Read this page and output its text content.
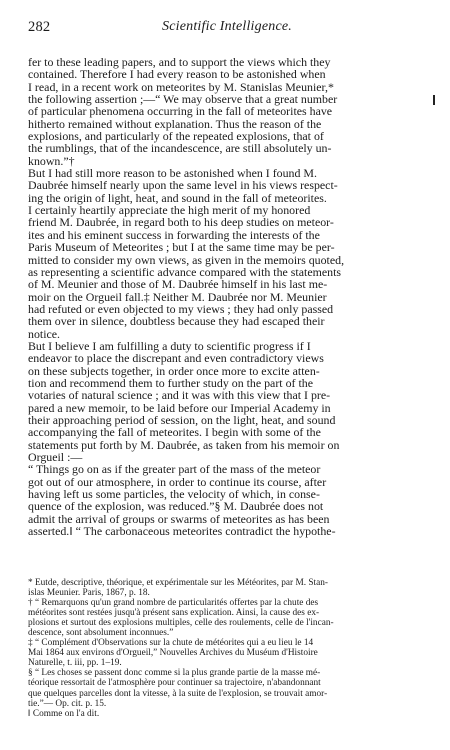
282	Scientific Intelligence.
fer to these leading papers, and to support the views which they
contained. Therefore I had every reason to be astonished when
I read, in a recent work on meteorites by M. Stanislas Meunier,*
the following assertion ;—“ We may observe that a great number
of particular phenomena occurring in the fall of meteorites have
hitherto remained without explanation. Thus the reason of the
explosions, and particularly of the repeated explosions, that of
the rumblings, that of the incandescence, are still absolutely un-
known.”†
But I had still more reason to be astonished when I found M.
Daubrée himself nearly upon the same level in his views respect-
ing the origin of light, heat, and sound in the fall of meteorites.
I certainly heartily appreciate the high merit of my honored
friend M. Daubrée, in regard both to his deep studies on meteor-
ites and his eminent success in forwarding the interests of the
Paris Museum of Meteorites ; but I at the same time may be per-
mitted to consider my own views, as given in the memoirs quoted,
as representing a scientific advance compared with the statements
of M. Meunier and those of M. Daubrée himself in his last me-
moir on the Orgueil fall.‡ Neither M. Daubrée nor M. Meunier
had refuted or even objected to my views ; they had only passed
them over in silence, doubtless because they had escaped their
notice.
But I believe I am fulfilling a duty to scientific progress if I
endeavor to place the discrepant and even contradictory views
on these subjects together, in order once more to excite atten-
tion and recommend them to further study on the part of the
votaries of natural science ; and it was with this view that I pre-
pared a new memoir, to be laid before our Imperial Academy in
their approaching period of session, on the light, heat, and sound
accompanying the fall of meteorites. I begin with some of the
statements put forth by M. Daubrée, as taken from his memoir on
Orgueil :—
“ Things go on as if the greater part of the mass of the meteor
got out of our atmosphere, in order to continue its course, after
having left us some particles, the velocity of which, in conse-
quence of the explosion, was reduced.”§ M. Daubrée does not
admit the arrival of groups or swarms of meteorites as has been
asserted.‖ “ The carbonaceous meteorites contradict the hypothe-
* Eutde, descriptive, théorique, et expérimentale sur les Météorites, par M. Stan-
islas Meunier. Paris, 1867, p. 18.
† “ Remarquons qu'un grand nombre de particularités offertes par la chute des
météorites sont restées jusqu'à présent sans explication. Ainsi, la cause des ex-
plosions et surtout des explosions multiples, celle des roulements, celle de l'incan-
descence, sont absolument inconnues.”
‡ “ Complément d'Observations sur la chute de météorites qui a eu lieu le 14
Mai 1864 aux environs d'Orgueil,” Nouvelles Archives du Muséum d'Histoire
Naturelle, t. iii, pp. 1–19.
§ “ Les choses se passent donc comme si la plus grande partie de la masse mé-
téorique ressortait de l'atmosphère pour continuer sa trajectoire, n'abandonnant
que quelques parcelles dont la vitesse, à la suite de l'explosion, se trouvait amor-
tie.”— Op. cit. p. 15.
‖ Comme on l'a dit.
